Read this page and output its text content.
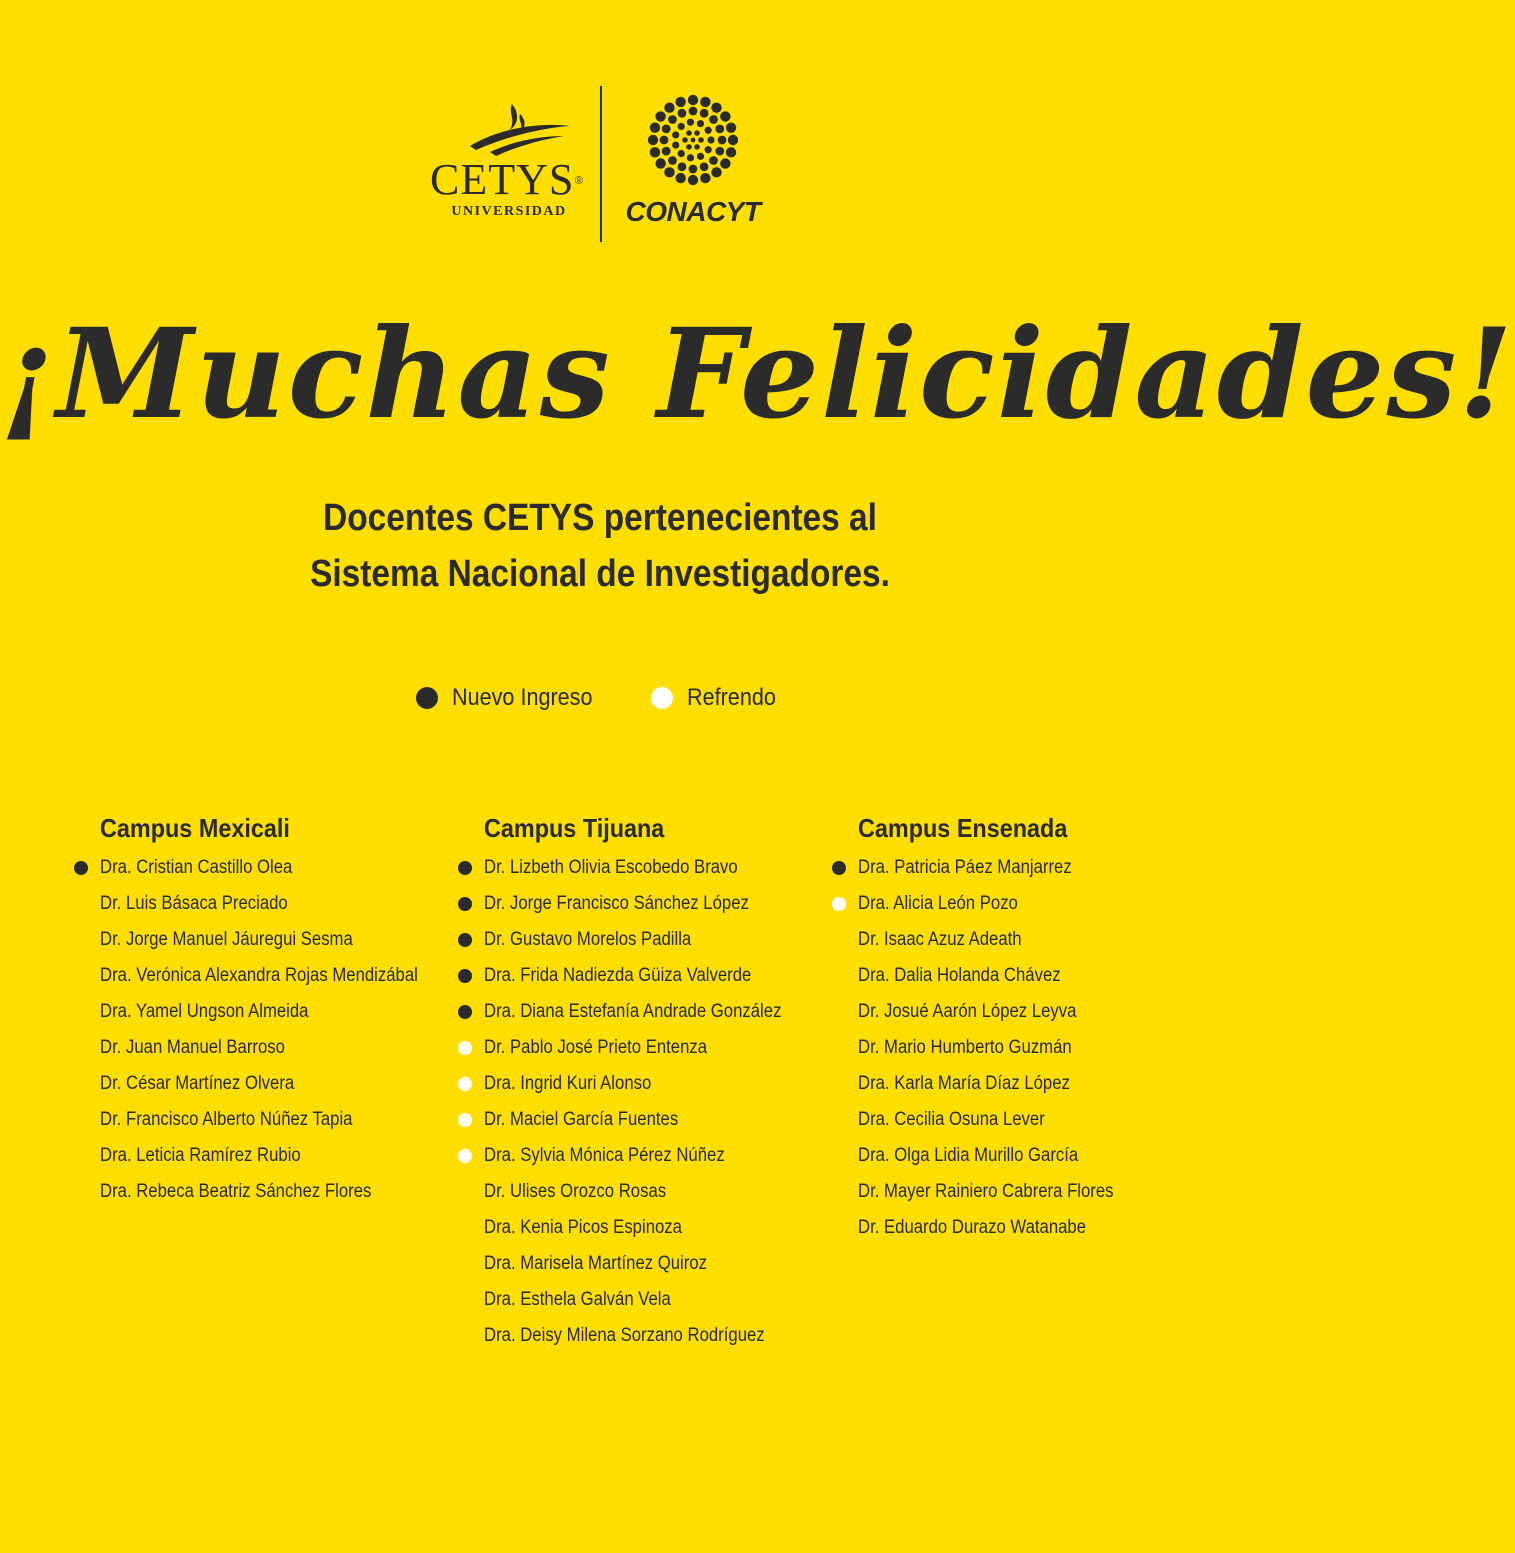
CETYS®
UNIVERSIDAD CONACYT
¡Muchas Felicidades!
Docentes CETYS pertenecientes al
Sistema Nacional de Investigadores.
Nuevo Ingreso	Refrendo
Campus Mexicali
Dra. Cristian Castillo Olea
Dr. Luis Básaca Preciado
Dr. Jorge Manuel Jáuregui Sesma
Dra. Verónica Alexandra Rojas Mendizábal
Dra. Yamel Ungson Almeida
Dr. Juan Manuel Barroso
Dr. César Martínez Olvera
Dr. Francisco Alberto Núñez Tapia
Dra. Leticia Ramírez Rubio
Dra. Rebeca Beatriz Sánchez Flores
Campus Tijuana
Dr. Lizbeth Olivia Escobedo Bravo
Dr. Jorge Francisco Sánchez López
Dr. Gustavo Morelos Padilla
Dra. Frida Nadiezda Güiza Valverde
Dra. Diana Estefanía Andrade González
Dr. Pablo José Prieto Entenza
Dra. Ingrid Kuri Alonso
Dr. Maciel García Fuentes
Dra. Sylvia Mónica Pérez Núñez
Dr. Ulises Orozco Rosas
Dra. Kenia Picos Espinoza
Dra. Marisela Martínez Quiroz
Dra. Esthela Galván Vela
Dra. Deisy Milena Sorzano Rodríguez
Campus Ensenada
Dra. Patricia Páez Manjarrez
Dra. Alicia León Pozo
Dr. Isaac Azuz Adeath
Dra. Dalia Holanda Chávez
Dr. Josué Aarón López Leyva
Dr. Mario Humberto Guzmán
Dra. Karla María Díaz López
Dra. Cecilia Osuna Lever
Dra. Olga Lidia Murillo García
Dr. Mayer Rainiero Cabrera Flores
Dr. Eduardo Durazo Watanabe
